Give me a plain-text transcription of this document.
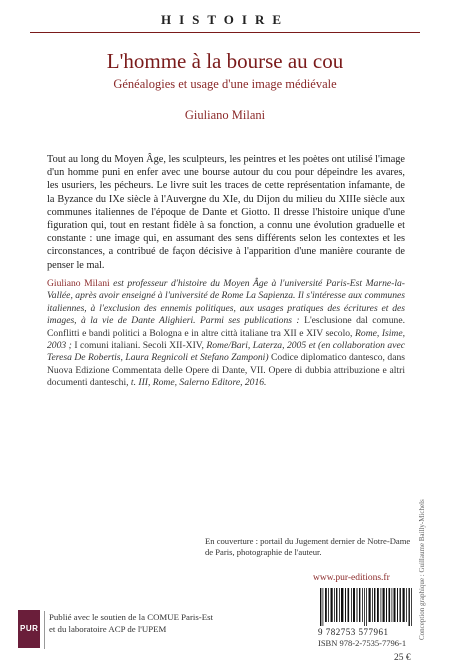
HISTOIRE
L'homme à la bourse au cou
Généalogies et usage d'une image médiévale
Giuliano Milani
Tout au long du Moyen Âge, les sculpteurs, les peintres et les poètes ont utilisé l'image d'un homme puni en enfer avec une bourse autour du cou pour dépeindre les avares, les usuriers, les pécheurs. Le livre suit les traces de cette représentation infamante, de la Byzance du IXe siècle à l'Auvergne du XIe, du Dijon du milieu du XIIIe siècle aux communes italiennes de l'époque de Dante et Giotto. Il dresse l'histoire unique d'une figuration qui, tout en restant fidèle à sa fonction, a connu une évolution graduelle et constante : une image qui, en assumant des sens différents selon les contextes et les circonstances, a contribué de façon décisive à l'apparition d'une manière courante de penser le mal.
Giuliano Milani est professeur d'histoire du Moyen Âge à l'université Paris-Est Marne-la-Vallée, après avoir enseigné à l'université de Rome La Sapienza. Il s'intéresse aux communes italiennes, à l'exclusion des ennemis politiques, aux usages pratiques des écritures et des images, à la vie de Dante Alighieri. Parmi ses publications : L'esclusione dal comune. Conflitti e bandi politici a Bologna e in altre città italiane tra XII e XIV secolo, Rome, Isime, 2003 ; I comuni italiani. Secoli XII-XIV, Rome/Bari, Laterza, 2005 et (en collaboration avec Teresa De Robertis, Laura Regnicoli et Stefano Zamponi) Codice diplomatico dantesco, dans Nuova Edizione Commentata delle Opere di Dante, VII. Opere di dubbia attribuzione e altri documenti danteschi, t. III, Rome, Salerno Editore, 2016.
En couverture : portail du Jugement dernier de Notre-Dame de Paris, photographie de l'auteur.
www.pur-editions.fr	Conception graphique : Guillaume Bailly-Michels
PUR
Publié avec le soutien de la COMUE Paris-Est et du laboratoire ACP de l'UPEM	9 782753 577961
ISBN 978-2-7535-7796-1
25 €
